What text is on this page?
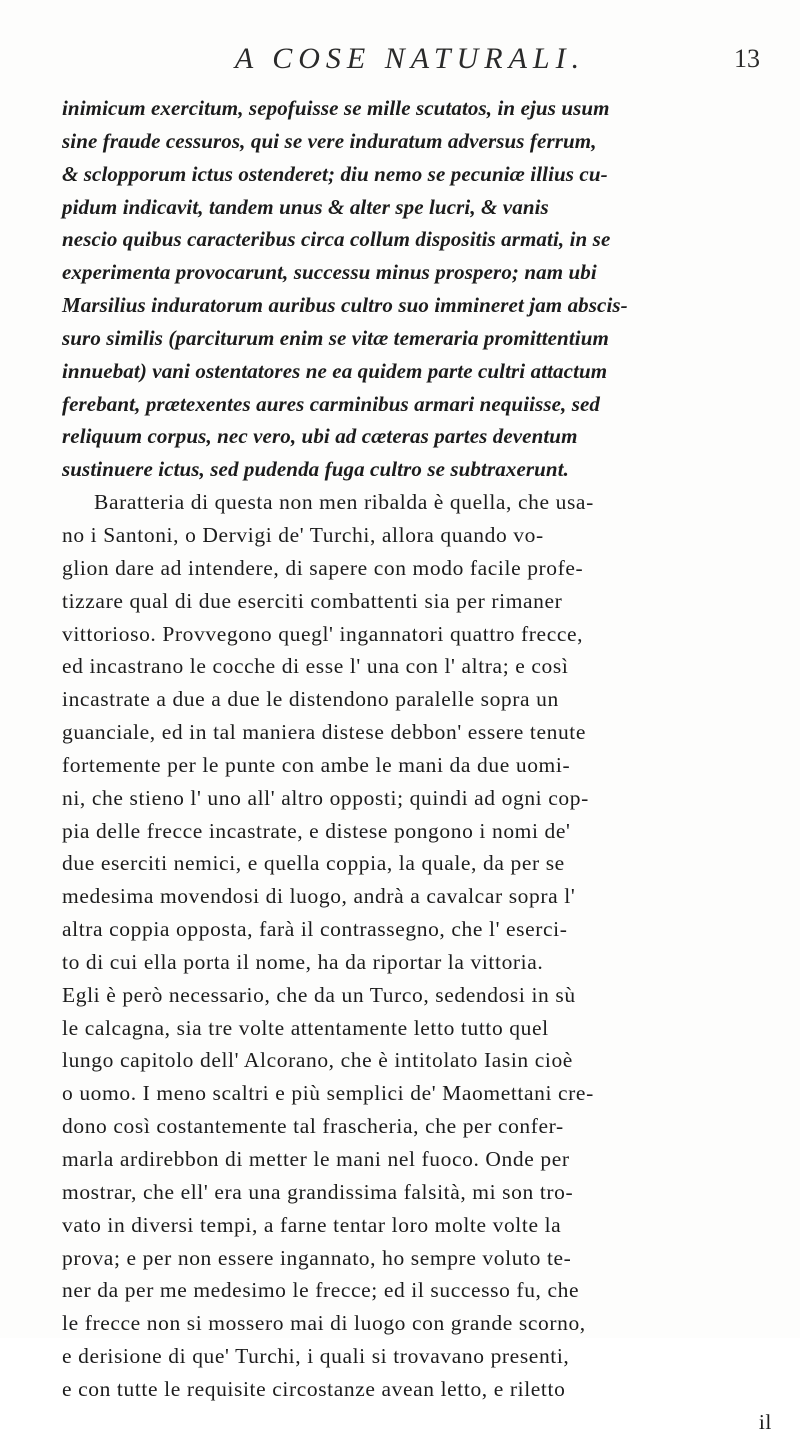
A COSE NATURALI.	13
inimicum exercitum, sepofuisse se mille scutatos, in ejus usum
sine fraude cessuros, qui se vere induratum adversus ferrum,
& sclopporum ictus ostenderet; diu nemo se pecuniæ illius cu-
pidum indicavit, tandem unus & alter spe lucri, & vanis
nescio quibus caracteribus circa collum dispositis armati, in se
experimenta provocarunt, successu minus prospero; nam ubi
Marsilius induratorum auribus cultro suo immineret jam abscis-
suro similis (parciturum enim se vitæ temeraria promittentium
innuebat) vani ostentatores ne ea quidem parte cultri attactum
ferebant, prætexentes aures carminibus armari nequiisse, sed
reliquum corpus, nec vero, ubi ad cæteras partes deventum
sustinuere ictus, sed pudenda fuga cultro se subtraxerunt.
Baratteria di questa non men ribalda è quella, che usa-
no i Santoni, o Dervigi de' Turchi, allora quando vo-
glion dare ad intendere, di sapere con modo facile profe-
tizzare qual di due eserciti combattenti sia per rimaner
vittorioso. Provvegono quegl' ingannatori quattro frecce,
ed incastrano le cocche di esse l' una con l' altra; e così
incastrate a due a due le distendono paralelle sopra un
guanciale, ed in tal maniera distese debbon' essere tenute
fortemente per le punte con ambe le mani da due uomi-
ni, che stieno l' uno all' altro opposti; quindi ad ogni cop-
pia delle frecce incastrate, e distese pongono i nomi de'
due eserciti nemici, e quella coppia, la quale, da per se
medesima movendosi di luogo, andrà a cavalcar sopra l'
altra coppia opposta, farà il contrassegno, che l' eserci-
to di cui ella porta il nome, ha da riportar la vittoria.
Egli è però necessario, che da un Turco, sedendosi in sù
le calcagna, sia tre volte attentamente letto tutto quel
lungo capitolo dell' Alcorano, che è intitolato Iasin cioè
o uomo. I meno scaltri e più semplici de' Maomettani cre-
dono così costantemente tal frascheria, che per confer-
marla ardirebbon di metter le mani nel fuoco. Onde per
mostrar, che ell' era una grandissima falsità, mi son tro-
vato in diversi tempi, a farne tentar loro molte volte la
prova; e per non essere ingannato, ho sempre voluto te-
ner da per me medesimo le frecce; ed il successo fu, che
le frecce non si mossero mai di luogo con grande scorno,
e derisione di que' Turchi, i quali si trovavano presenti,
e con tutte le requisite circostanze avean letto, e riletto
il
